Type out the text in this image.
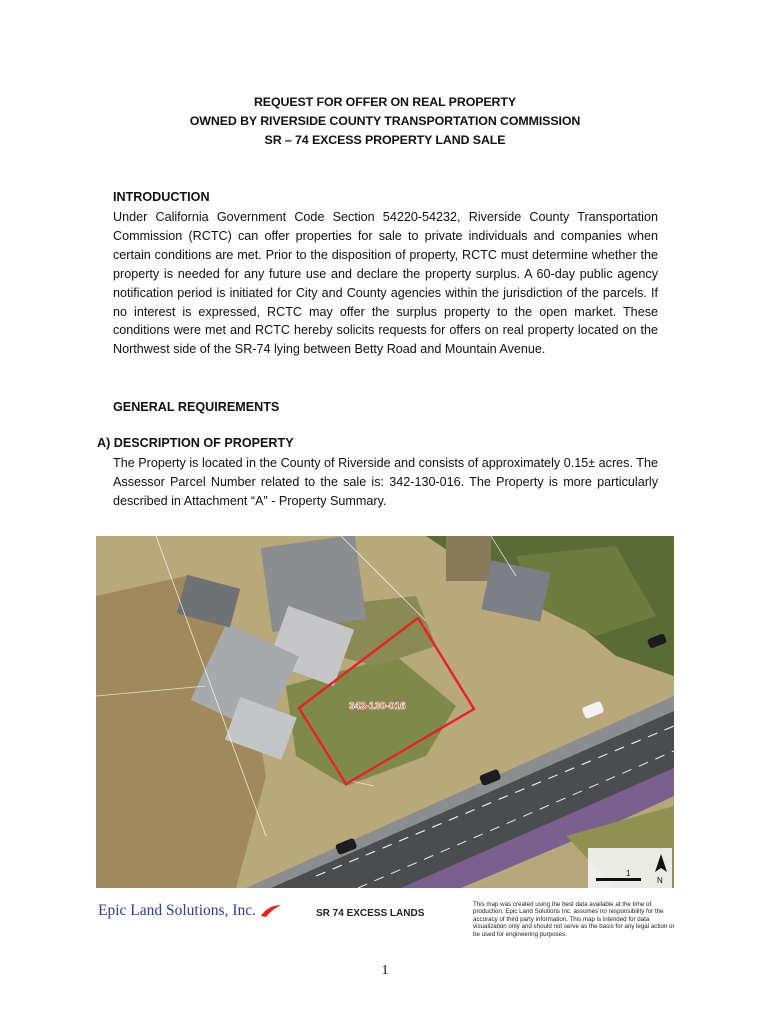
REQUEST FOR OFFER ON REAL PROPERTY
OWNED BY RIVERSIDE COUNTY TRANSPORTATION COMMISSION
SR – 74 EXCESS PROPERTY LAND SALE
INTRODUCTION
Under California Government Code Section 54220-54232, Riverside County Transportation Commission (RCTC) can offer properties for sale to private individuals and companies when certain conditions are met. Prior to the disposition of property, RCTC must determine whether the property is needed for any future use and declare the property surplus. A 60-day public agency notification period is initiated for City and County agencies within the jurisdiction of the parcels. If no interest is expressed, RCTC may offer the surplus property to the open market. These conditions were met and RCTC hereby solicits requests for offers on real property located on the Northwest side of the SR-74 lying between Betty Road and Mountain Avenue.
GENERAL REQUIREMENTS
A) DESCRIPTION OF PROPERTY
The Property is located in the County of Riverside and consists of approximately 0.15± acres. The Assessor Parcel Number related to the sale is: 342-130-016. The Property is more particularly described in Attachment “A” - Property Summary.
342-130-016
1
N
Epic Land Solutions, Inc.	SR 74 EXCESS LANDS
This map was created using the best data available at the time of production. Epic Land Solutions Inc. assumes no responsibility for the accuracy of third party information. This map is intended for data visualization only and should not serve as the basis for any legal action or be used for engineering purposes.
1
